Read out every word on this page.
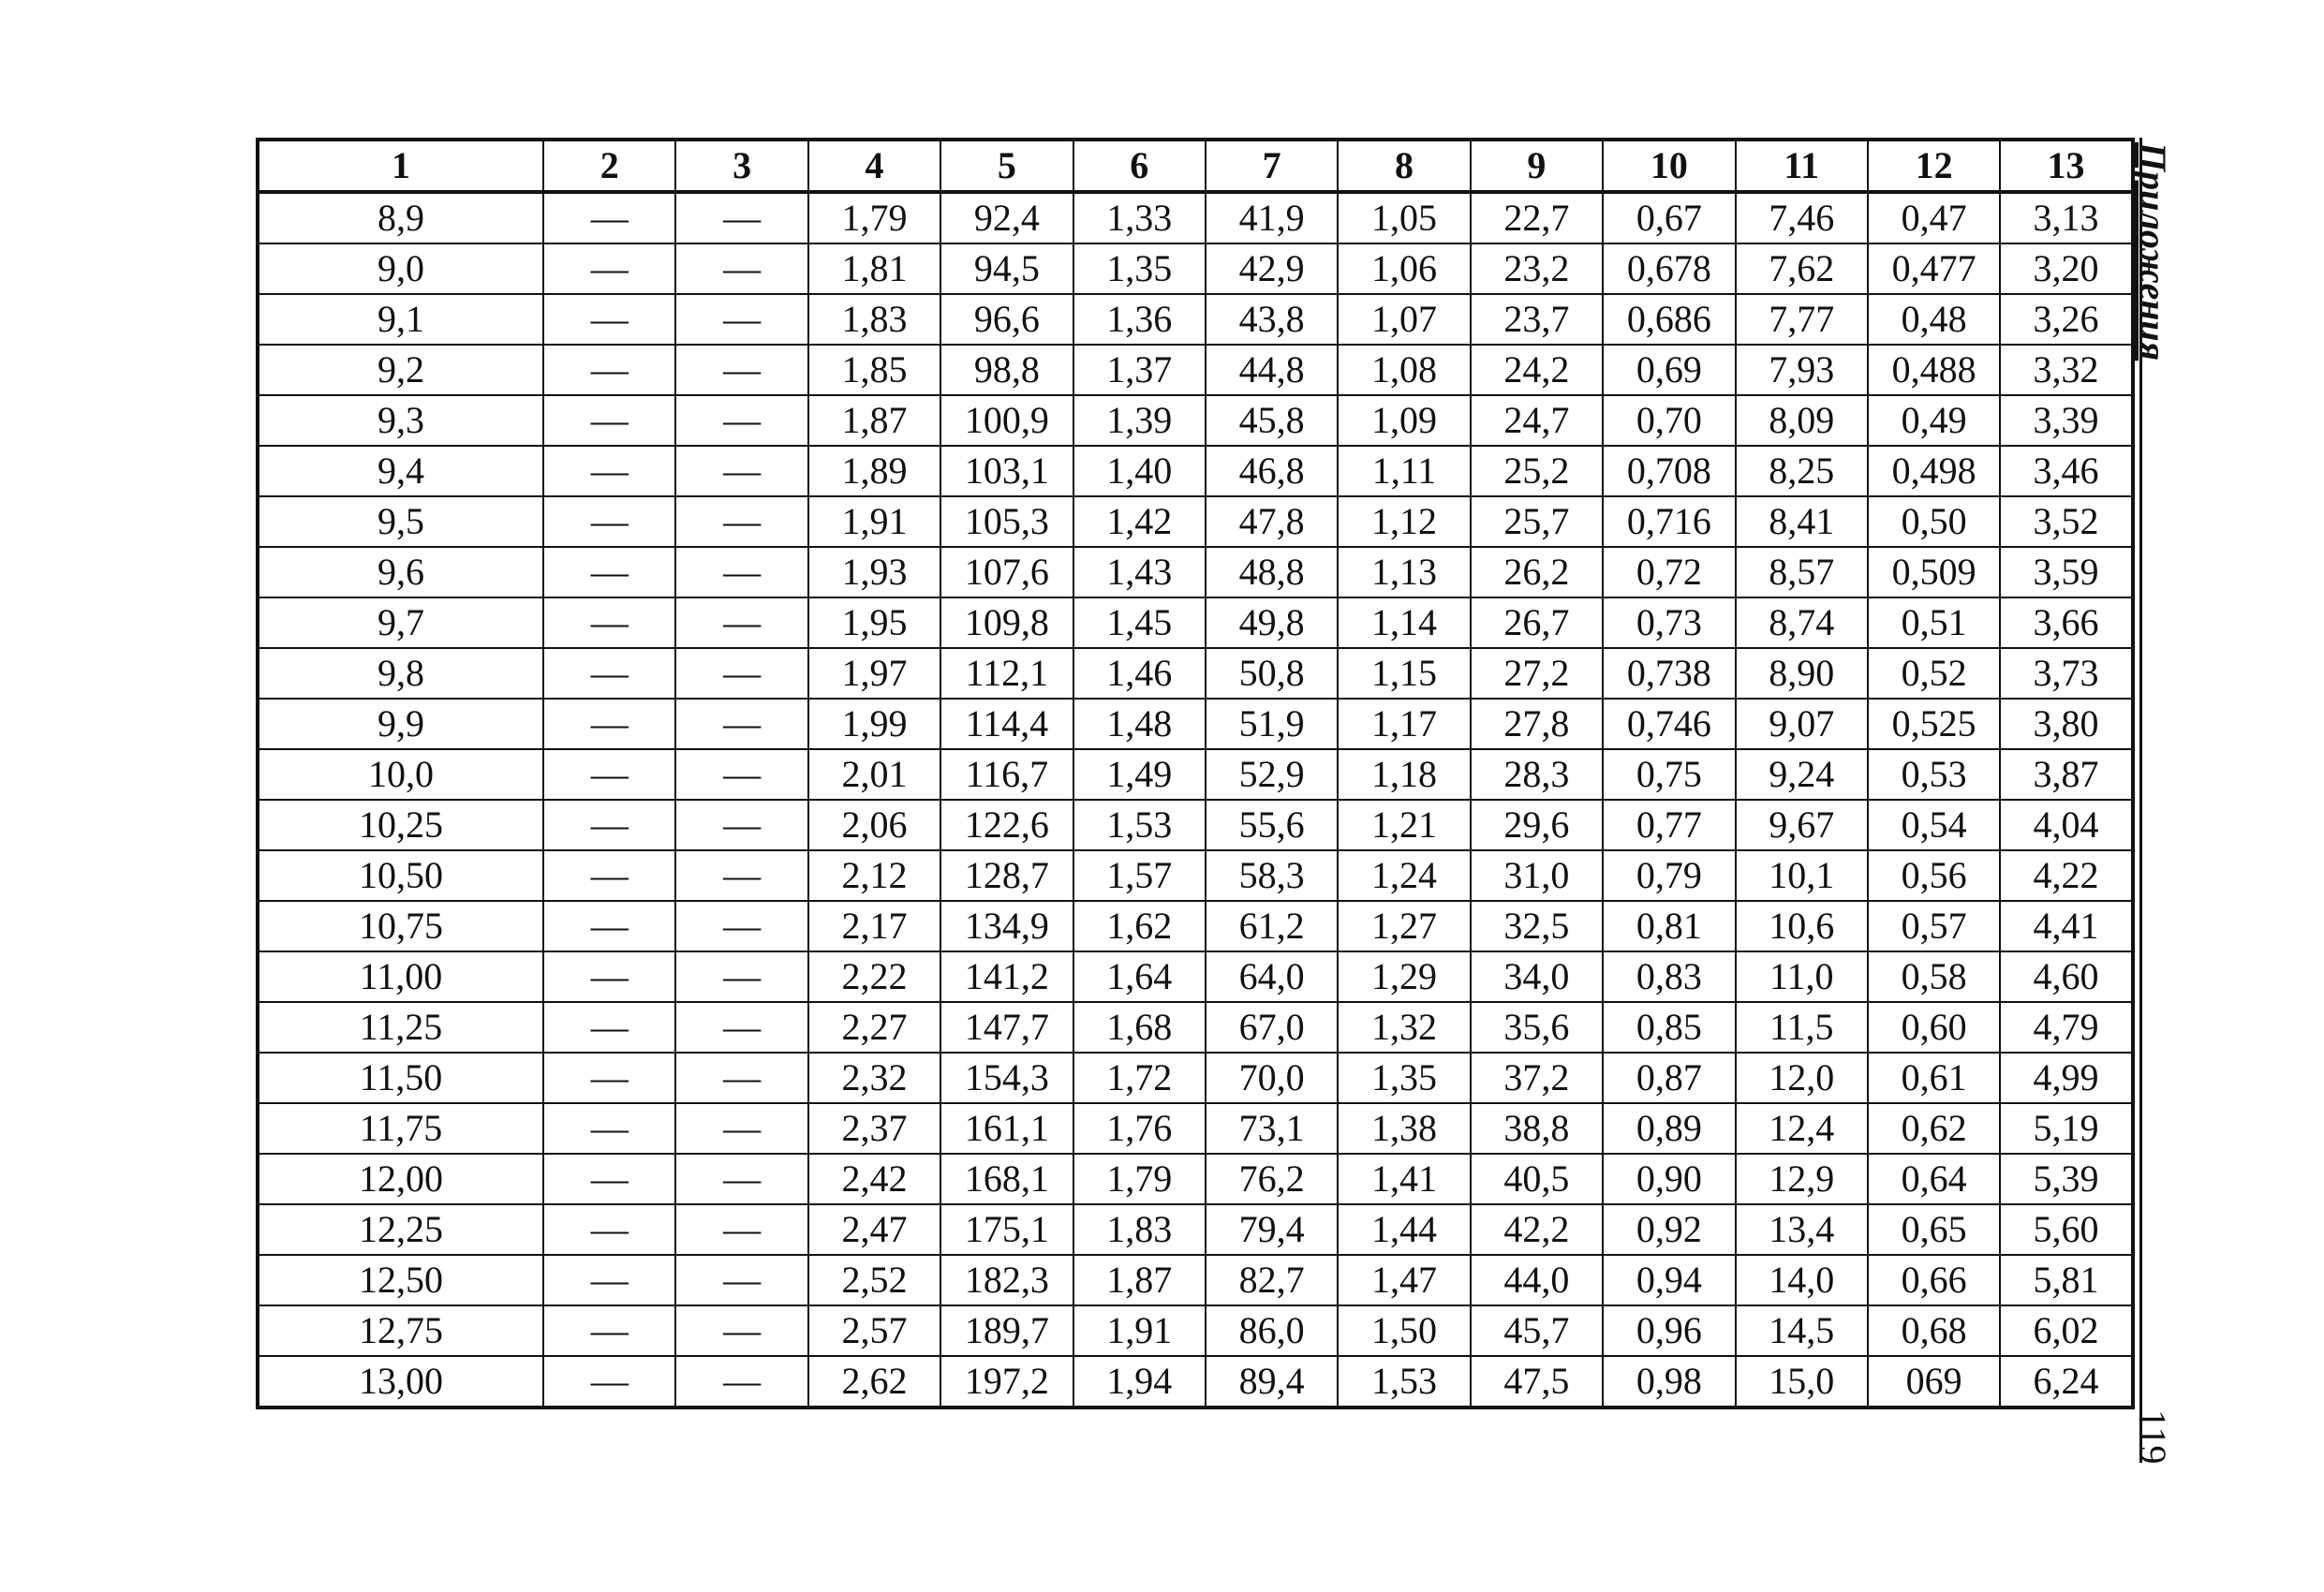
1	2	3	4	5	6	7	8	9	10	11	12	13
8,9	—	—	1,79	92,4	1,33	41,9	1,05	22,7	0,67	7,46	0,47	3,13
9,0	—	—	1,81	94,5	1,35	42,9	1,06	23,2	0,678	7,62	0,477	3,20
9,1	—	—	1,83	96,6	1,36	43,8	1,07	23,7	0,686	7,77	0,48	3,26
9,2	—	—	1,85	98,8	1,37	44,8	1,08	24,2	0,69	7,93	0,488	3,32
9,3	—	—	1,87	100,9	1,39	45,8	1,09	24,7	0,70	8,09	0,49	3,39
9,4	—	—	1,89	103,1	1,40	46,8	1,11	25,2	0,708	8,25	0,498	3,46
9,5	—	—	1,91	105,3	1,42	47,8	1,12	25,7	0,716	8,41	0,50	3,52
9,6	—	—	1,93	107,6	1,43	48,8	1,13	26,2	0,72	8,57	0,509	3,59
9,7	—	—	1,95	109,8	1,45	49,8	1,14	26,7	0,73	8,74	0,51	3,66
9,8	—	—	1,97	112,1	1,46	50,8	1,15	27,2	0,738	8,90	0,52	3,73
9,9	—	—	1,99	114,4	1,48	51,9	1,17	27,8	0,746	9,07	0,525	3,80
10,0	—	—	2,01	116,7	1,49	52,9	1,18	28,3	0,75	9,24	0,53	3,87
10,25	—	—	2,06	122,6	1,53	55,6	1,21	29,6	0,77	9,67	0,54	4,04
10,50	—	—	2,12	128,7	1,57	58,3	1,24	31,0	0,79	10,1	0,56	4,22
10,75	—	—	2,17	134,9	1,62	61,2	1,27	32,5	0,81	10,6	0,57	4,41
11,00	—	—	2,22	141,2	1,64	64,0	1,29	34,0	0,83	11,0	0,58	4,60
11,25	—	—	2,27	147,7	1,68	67,0	1,32	35,6	0,85	11,5	0,60	4,79
11,50	—	—	2,32	154,3	1,72	70,0	1,35	37,2	0,87	12,0	0,61	4,99
11,75	—	—	2,37	161,1	1,76	73,1	1,38	38,8	0,89	12,4	0,62	5,19
12,00	—	—	2,42	168,1	1,79	76,2	1,41	40,5	0,90	12,9	0,64	5,39
12,25	—	—	2,47	175,1	1,83	79,4	1,44	42,2	0,92	13,4	0,65	5,60
12,50	—	—	2,52	182,3	1,87	82,7	1,47	44,0	0,94	14,0	0,66	5,81
12,75	—	—	2,57	189,7	1,91	86,0	1,50	45,7	0,96	14,5	0,68	6,02
13,00	—	—	2,62	197,2	1,94	89,4	1,53	47,5	0,98	15,0	069	6,24
Приложения
119
